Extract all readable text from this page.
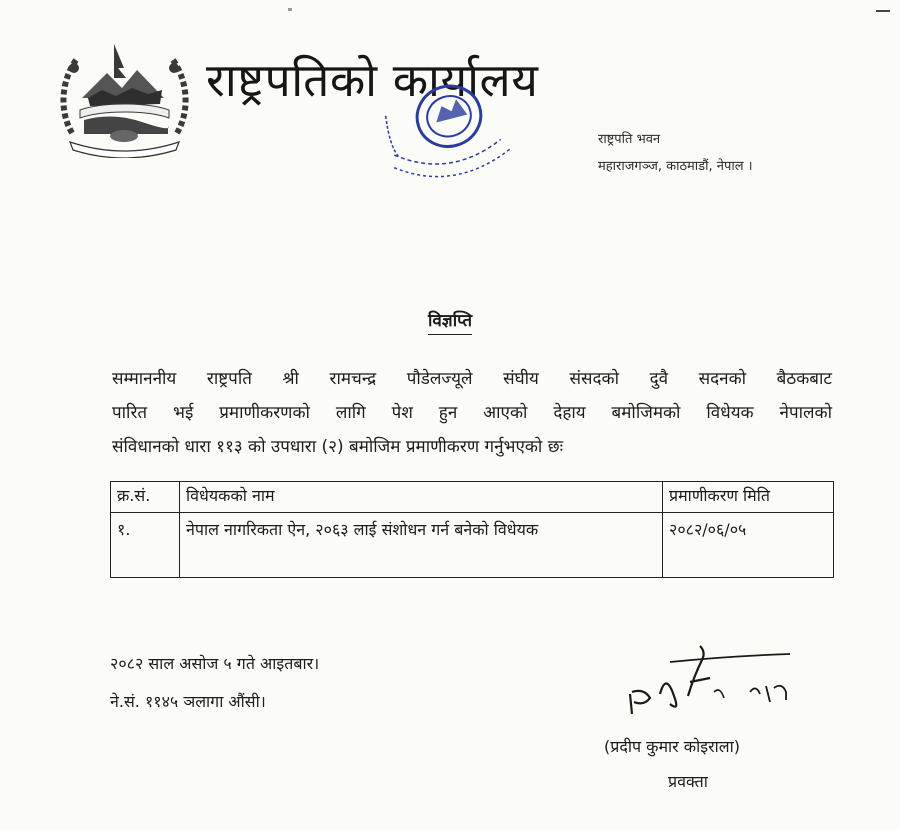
राष्ट्रपतिको कार्यालय
राष्ट्रपति भवन
महाराजगञ्ज, काठमाडौं, नेपाल ।
विज्ञप्ति
सम्माननीय राष्ट्रपति श्री रामचन्द्र पौडेलज्यूले संघीय संसदको दुवै सदनको बैठकबाट
पारित भई प्रमाणीकरणको लागि पेश हुन आएको देहाय बमोजिमको विधेयक नेपालको
संविधानको धारा ११३ को उपधारा (२) बमोजिम प्रमाणीकरण गर्नुभएको छः
क्र.सं.	विधेयकको नाम	प्रमाणीकरण मिति
१.	नेपाल नागरिकता ऐन, २०६३ लाई संशोधन गर्न बनेको विधेयक	२०८२/०६/०५
२०८२ साल असोज ५ गते आइतबार।
ने.सं. ११४५ ञलागा औंसी।
(प्रदीप कुमार कोइराला)
प्रवक्ता
